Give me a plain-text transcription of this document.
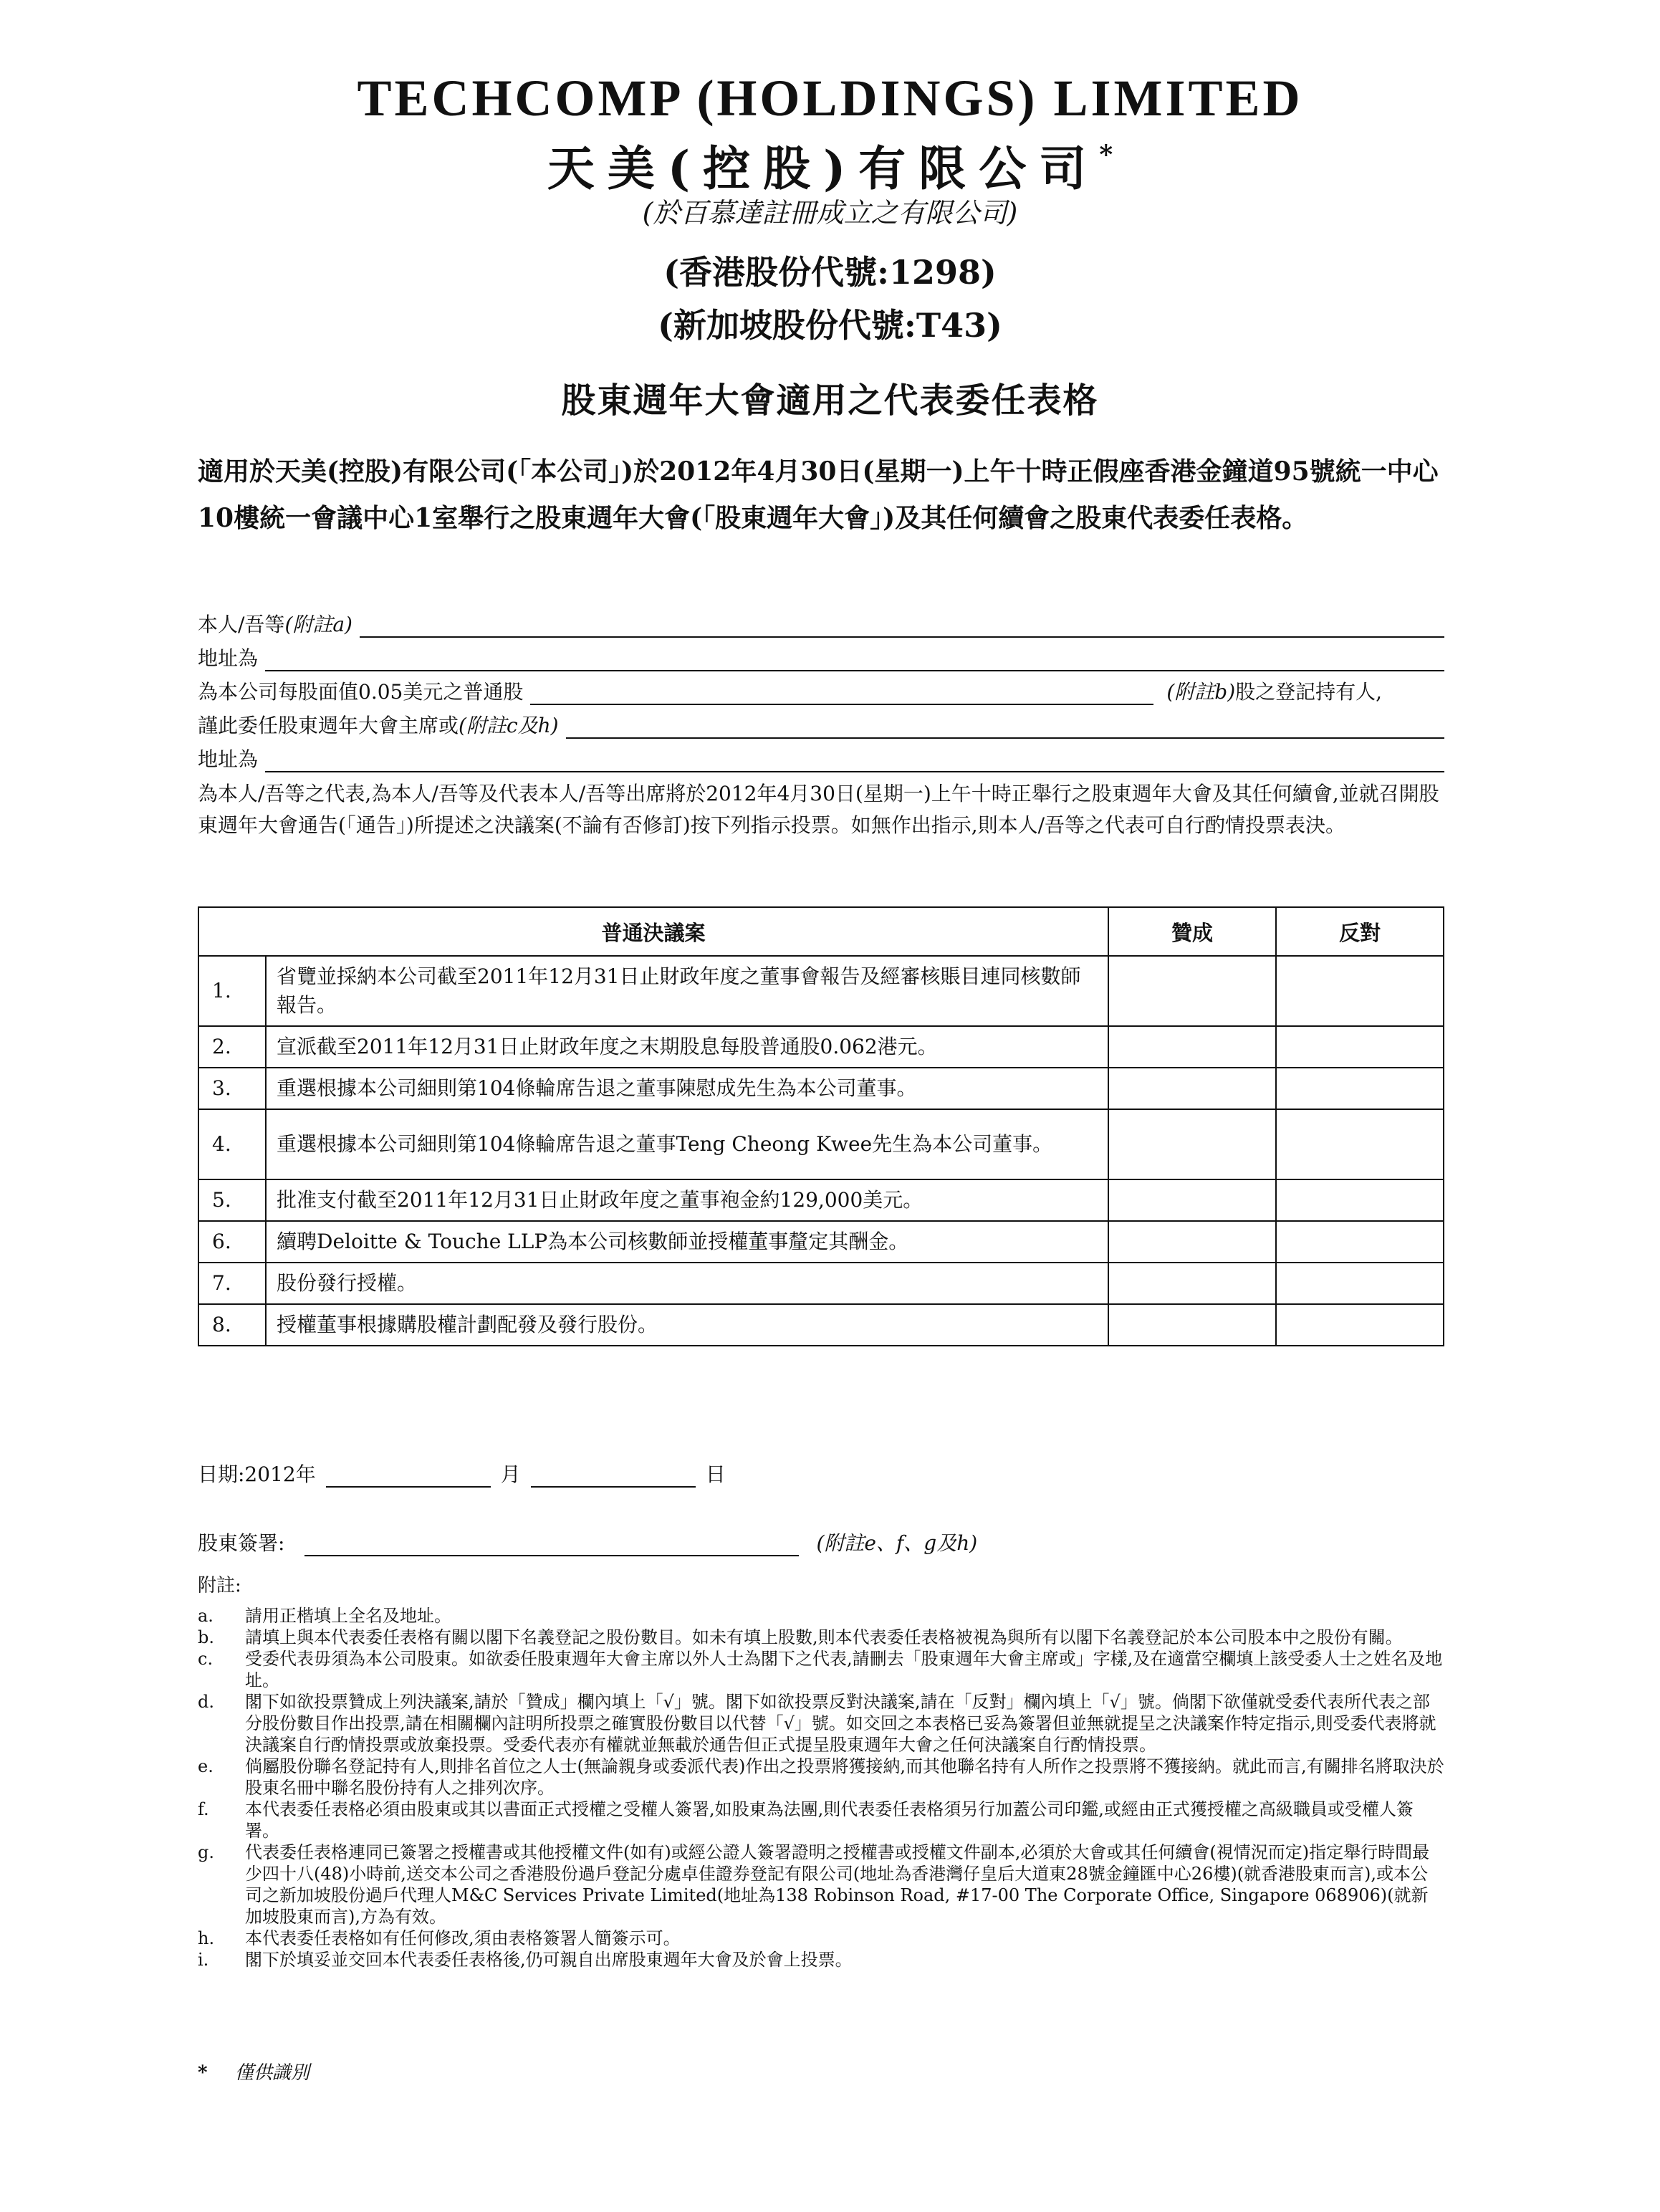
TECHCOMP (HOLDINGS) LIMITED
天美(控股)有限公司*
(於百慕達註冊成立之有限公司)
(香港股份代號:1298)
(新加坡股份代號:T43)
股東週年大會適用之代表委任表格
適用於天美(控股)有限公司(「本公司」)於2012年4月30日(星期一)上午十時正假座香港金鐘道95號統一中心10樓統一會議中心1室舉行之股東週年大會(「股東週年大會」)及其任何續會之股東代表委任表格。
本人/吾等 (附註a)
地址為
為本公司每股面值0.05美元之普通股	(附註b) 股之登記持有人,
謹此委任股東週年大會主席或 (附註c及h)
地址為
為本人/吾等之代表,為本人/吾等及代表本人/吾等出席將於2012年4月30日(星期一)上午十時正舉行之股東週年大會及其任何續會,並就召開股東週年大會通告(「通告」)所提述之決議案(不論有否修訂)按下列指示投票。如無作出指示,則本人/吾等之代表可自行酌情投票表決。
普通決議案		贊成	反對
1.	省覽並採納本公司截至2011年12月31日止財政年度之董事會報告及經審核賬目連同核數師報告。		
2.	宣派截至2011年12月31日止財政年度之末期股息每股普通股0.062港元。		
3.	重選根據本公司細則第104條輪席告退之董事陳慰成先生為本公司董事。		
4.	重選根據本公司細則第104條輪席告退之董事Teng Cheong Kwee先生為本公司董事。		
5.	批准支付截至2011年12月31日止財政年度之董事袍金約129,000美元。		
6.	續聘Deloitte & Touche LLP為本公司核數師並授權董事釐定其酬金。		
7.	股份發行授權。		
8.	授權董事根據購股權計劃配發及發行股份。		
日期:2012年	月	日
股東簽署:	(附註e、f、g及h)
附註:
a.	請用正楷填上全名及地址。
b.	請填上與本代表委任表格有關以閣下名義登記之股份數目。如未有填上股數,則本代表委任表格被視為與所有以閣下名義登記於本公司股本中之股份有關。
c.	受委代表毋須為本公司股東。如欲委任股東週年大會主席以外人士為閣下之代表,請刪去「股東週年大會主席或」字樣,及在適當空欄填上該受委人士之姓名及地址。
d.	閣下如欲投票贊成上列決議案,請於「贊成」欄內填上「√」號。閣下如欲投票反對決議案,請在「反對」欄內填上「√」號。倘閣下欲僅就受委代表所代表之部分股份數目作出投票,請在相關欄內註明所投票之確實股份數目以代替「√」號。如交回之本表格已妥為簽署但並無就提呈之決議案作特定指示,則受委代表將就決議案自行酌情投票或放棄投票。受委代表亦有權就並無載於通告但正式提呈股東週年大會之任何決議案自行酌情投票。
e.	倘屬股份聯名登記持有人,則排名首位之人士(無論親身或委派代表)作出之投票將獲接納,而其他聯名持有人所作之投票將不獲接納。就此而言,有關排名將取決於股東名冊中聯名股份持有人之排列次序。
f.	本代表委任表格必須由股東或其以書面正式授權之受權人簽署,如股東為法團,則代表委任表格須另行加蓋公司印鑑,或經由正式獲授權之高級職員或受權人簽署。
g.	代表委任表格連同已簽署之授權書或其他授權文件(如有)或經公證人簽署證明之授權書或授權文件副本,必須於大會或其任何續會(視情況而定)指定舉行時間最少四十八(48)小時前,送交本公司之香港股份過戶登記分處卓佳證券登記有限公司(地址為香港灣仔皇后大道東28號金鐘匯中心26樓)(就香港股東而言),或本公司之新加坡股份過戶代理人M&C Services Private Limited(地址為138 Robinson Road, #17-00 The Corporate Office, Singapore 068906)(就新加坡股東而言),方為有效。
h.	本代表委任表格如有任何修改,須由表格簽署人簡簽示可。
i.	閣下於填妥並交回本代表委任表格後,仍可親自出席股東週年大會及於會上投票。
* 僅供識別
